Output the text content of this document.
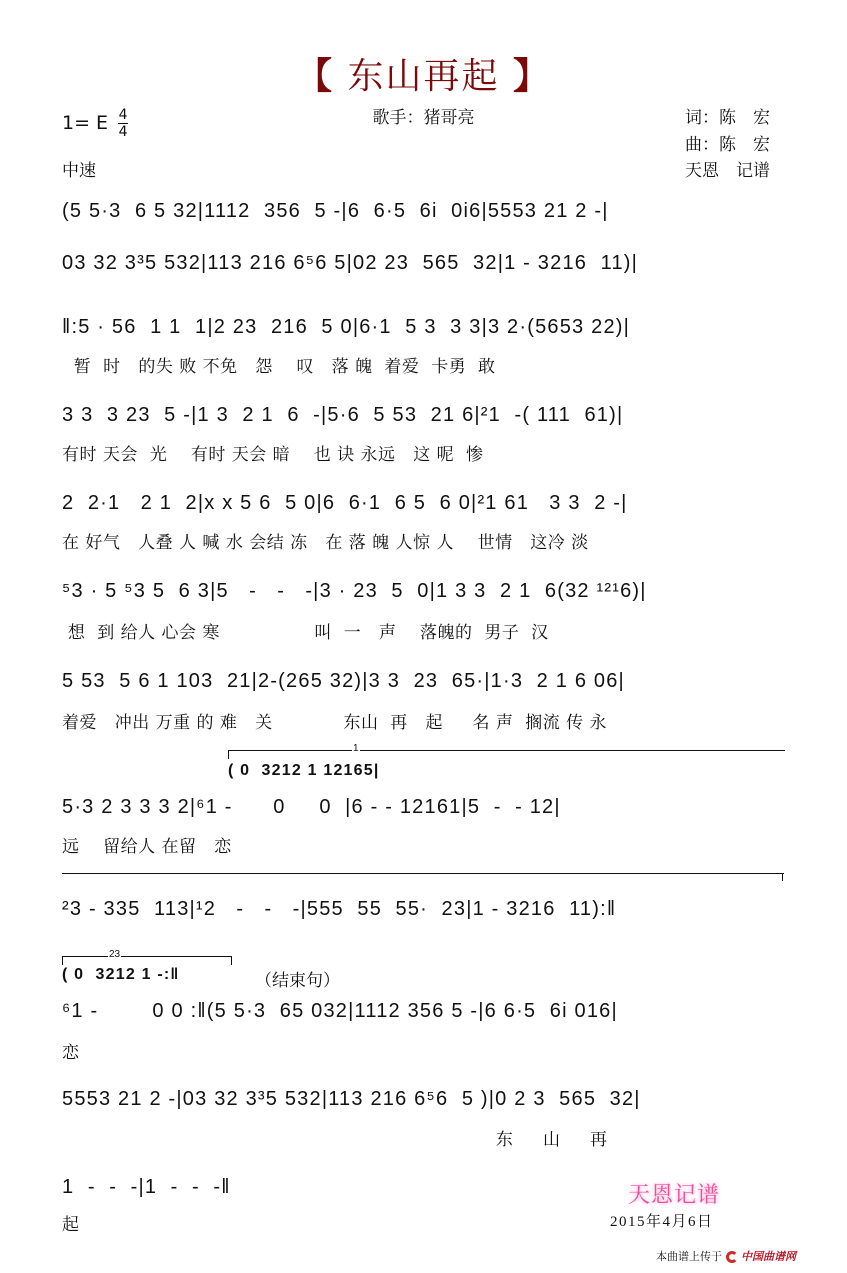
【 东山再起 】
歌手：猪哥亮
1= E $\frac{4}{4}$
中速
词：陈　宏
曲：陈　宏
天恩　记谱
(5 5·3  6 5 32|1112  356  5 -|6  6·5  6i  0i6|5553 21 2 -|
03 32 3³5 532|113 216 6⁵6 5|02 23  565  32|1 - 3216  11)|
‖:5 · 56  1 1  1|2 23  216  5 0|6·1  5 3  3 3|3 2·(5653 22)|
暂  时   的失 败 不免   怨    叹   落 魄  着爱  卡勇  敢
3 3  3 23  5 -|1 3  2 1  6  -|5·6  5 53  21 6|²1  -( 111  61)|
有时 天会  光    有时 天会 暗    也 诀 永远   这 呢  惨
2  2·1   2 1  2|x x 5 6  5 0|6  6·1  6 5  6 0|²1 61   3 3  2 -|
在 好气   人叠 人 喊 水 会结 冻   在 落 魄 人惊 人    世情   这冷 淡
⁵3 · 5 ⁵3 5  6 3|5   -   -   -|3 · 23  5  0|1 3 3  2 1  6(32 ¹²¹6)|
想  到 给人 心会 寒                叫  一   声    落魄的  男子  汉
5 53  5 6 1 103  21|2-(265 32)|3 3  23  65·|1·3  2 1 6 06|
着爱   冲出 万重 的 难   关            东山  再   起     名 声  搁流 传 永
1
( 0  3212 1 12165|
5·3 2 3 3 3 2|⁶1 -      0     0  |6 - - 12161|5  -  - 12|
远    留给人 在留   恋
²3 - 335  113|¹2   -   -   -|555  55  55·  23|1 - 3216  11):‖
23
( 0  3212 1 -:‖	（结束句）
⁶1 -        0 0 :‖(5 5·3  65 032|1112 356 5 -|6 6·5  6i 016|
恋
5553 21 2 -|03 32 3³5 532|113 216 6⁵6  5 )|0 2 3  565  32|
东     山     再
1  -  -  -|1  -  -  -‖
起
天恩记谱
2015年4月6日
本曲谱上传于 中国曲谱网
